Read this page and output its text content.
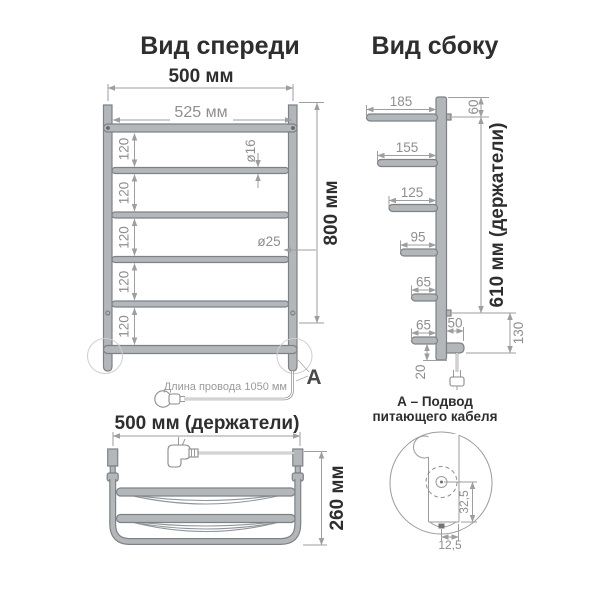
Вид спереди
500 мм
525 мм
120
120
120
120
120
ø16
ø25 800 мм
А
Длина провода 1050 мм
Вид сбоку
185
155
125
95
65
65
60
610 мм (держатели)
130
50
20
А – Подвод
питающего кабеля
32,5
12,5
500 мм (держатели)
260 мм
